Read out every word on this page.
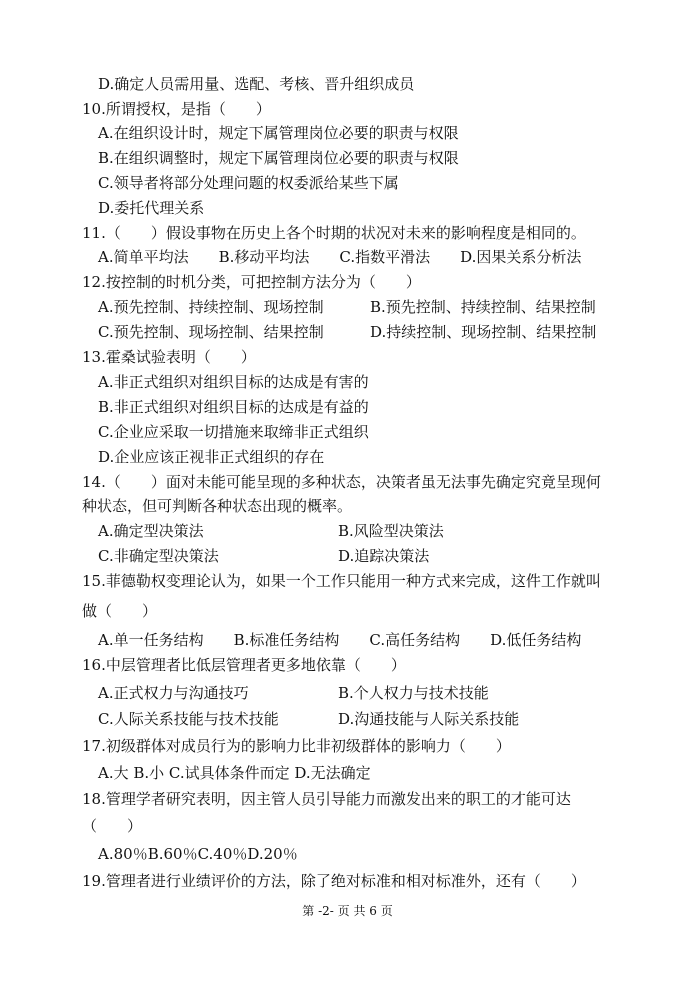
D.确定人员需用量、选配、考核、晋升组织成员
10.所谓授权，是指（　　）
A.在组织设计时，规定下属管理岗位必要的职责与权限
B.在组织调整时，规定下属管理岗位必要的职责与权限
C.领导者将部分处理问题的权委派给某些下属
D.委托代理关系
11.（　　）假设事物在历史上各个时期的状况对未来的影响程度是相同的。
A.简单平均法　　B.移动平均法　　C.指数平滑法　　D.因果关系分析法
12.按控制的时机分类，可把控制方法分为（　　）
A.预先控制、持续控制、现场控制	B.预先控制、持续控制、结果控制
C.预先控制、现场控制、结果控制	D.持续控制、现场控制、结果控制
13.霍桑试验表明（　　）
A.非正式组织对组织目标的达成是有害的
B.非正式组织对组织目标的达成是有益的
C.企业应采取一切措施来取缔非正式组织
D.企业应该正视非正式组织的存在
14.（　　）面对未能可能呈现的多种状态，决策者虽无法事先确定究竟呈现何
种状态，但可判断各种状态出现的概率。
A.确定型决策法	B.风险型决策法
C.非确定型决策法	D.追踪决策法
15.菲德勒权变理论认为，如果一个工作只能用一种方式来完成，这件工作就叫
做（　　）
A.单一任务结构　　B.标准任务结构　　C.高任务结构　　D.低任务结构
16.中层管理者比低层管理者更多地依靠（　　）
A.正式权力与沟通技巧	B.个人权力与技术技能
C.人际关系技能与技术技能	D.沟通技能与人际关系技能
17.初级群体对成员行为的影响力比非初级群体的影响力（　　）
A.大 B.小 C.试具体条件而定 D.无法确定
18.管理学者研究表明，因主管人员引导能力而激发出来的职工的才能可达
（　　）
A.80％B.60％C.40％D.20％
19.管理者进行业绩评价的方法，除了绝对标准和相对标准外，还有（　　）
第 -2- 页 共 6 页
